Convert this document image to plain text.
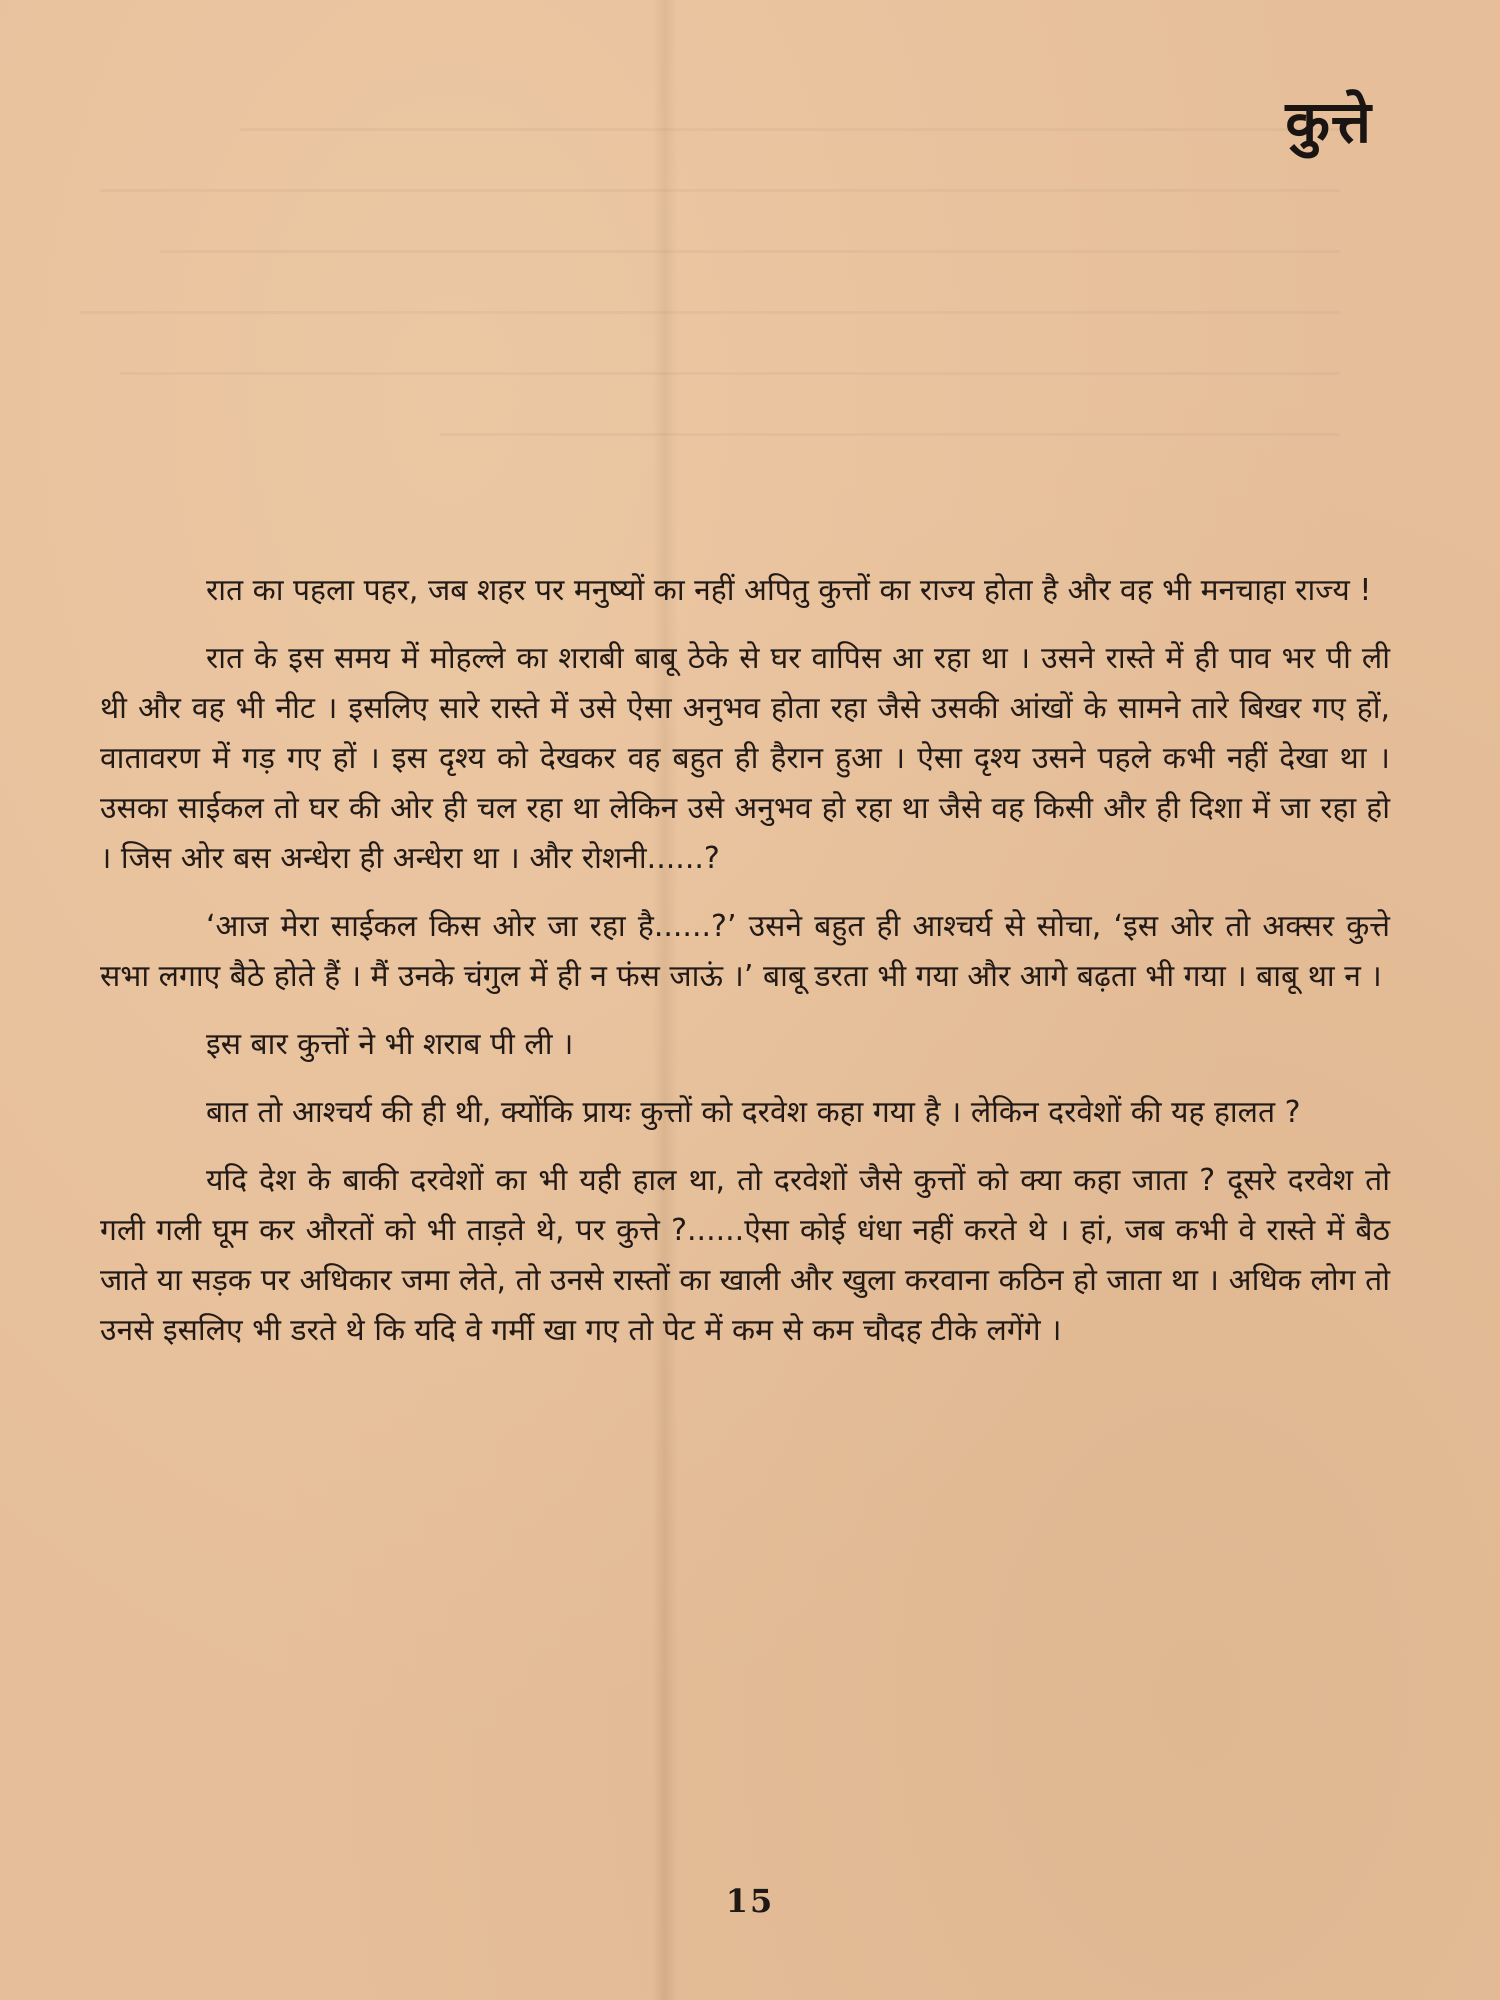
कुत्ते

रात का पहला पहर, जब शहर पर मनुष्यों का नहीं अपितु कुत्तों का राज्य होता है और वह भी मनचाहा राज्य !

रात के इस समय में मोहल्ले का शराबी बाबू ठेके से घर वापिस आ रहा था । उसने रास्ते में ही पाव भर पी ली थी और वह भी नीट । इसलिए सारे रास्ते में उसे ऐसा अनुभव होता रहा जैसे उसकी आंखों के सामने तारे बिखर गए हों, वातावरण में गड़ गए हों । इस दृश्य को देखकर वह बहुत ही हैरान हुआ । ऐसा दृश्य उसने पहले कभी नहीं देखा था । उसका साईकल तो घर की ओर ही चल रहा था लेकिन उसे अनुभव हो रहा था जैसे वह किसी और ही दिशा में जा रहा हो । जिस ओर बस अन्धेरा ही अन्धेरा था । और रोशनी......?

‘आज मेरा साईकल किस ओर जा रहा है......?’ उसने बहुत ही आश्चर्य से सोचा, ‘इस ओर तो अक्सर कुत्ते सभा लगाए बैठे होते हैं । मैं उनके चंगुल में ही न फंस जाऊं ।’ बाबू डरता भी गया और आगे बढ़ता भी गया । बाबू था न ।

इस बार कुत्तों ने भी शराब पी ली ।

बात तो आश्चर्य की ही थी, क्योंकि प्रायः कुत्तों को दरवेश कहा गया है । लेकिन दरवेशों की यह हालत ?

यदि देश के बाकी दरवेशों का भी यही हाल था, तो दरवेशों जैसे कुत्तों को क्या कहा जाता ? दूसरे दरवेश तो गली गली घूम कर औरतों को भी ताड़ते थे, पर कुत्ते ?......ऐसा कोई धंधा नहीं करते थे । हां, जब कभी वे रास्ते में बैठ जाते या सड़क पर अधिकार जमा लेते, तो उनसे रास्तों का खाली और खुला करवाना कठिन हो जाता था । अधिक लोग तो उनसे इसलिए भी डरते थे कि यदि वे गर्मी खा गए तो पेट में कम से कम चौदह टीके लगेंगे ।

15
